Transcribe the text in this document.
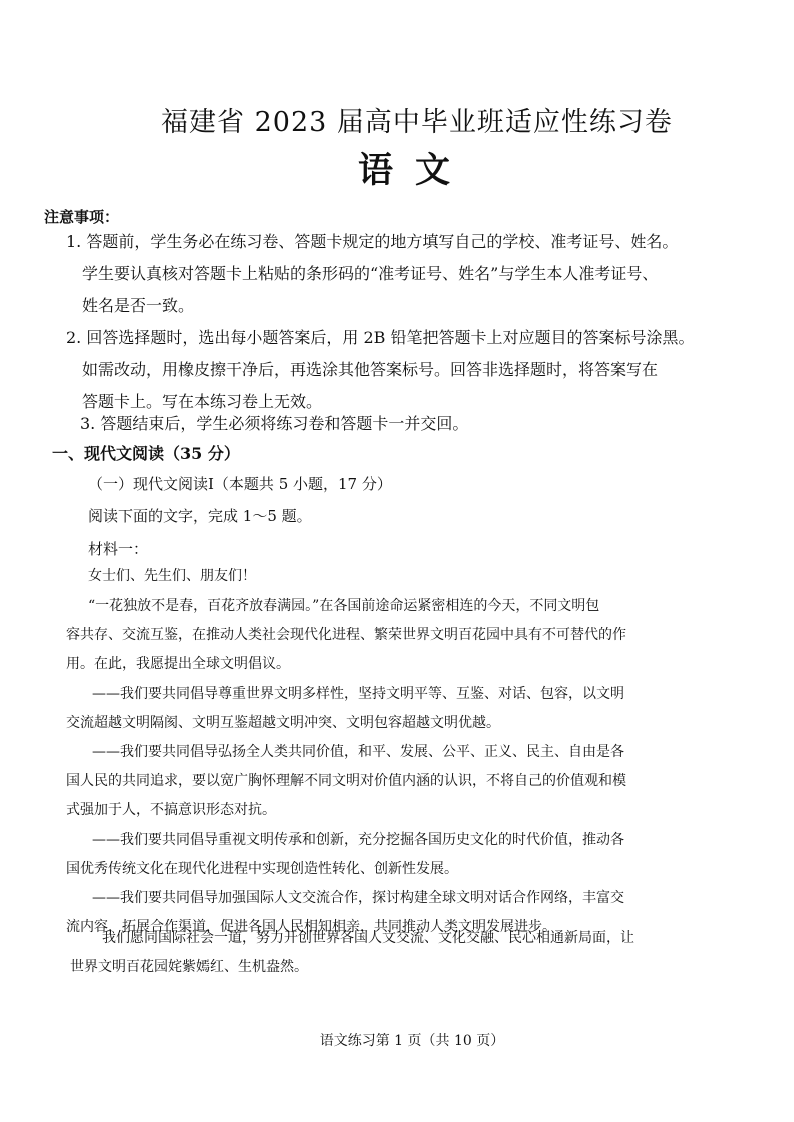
福建省 2023 届高中毕业班适应性练习卷
语文
注意事项：
1. 答题前，学生务必在练习卷、答题卡规定的地方填写自己的学校、准考证号、姓名。
学生要认真核对答题卡上粘贴的条形码的“准考证号、姓名”与学生本人准考证号、
姓名是否一致。
2. 回答选择题时，选出每小题答案后，用 2B 铅笔把答题卡上对应题目的答案标号涂黑。
如需改动，用橡皮擦干净后，再选涂其他答案标号。回答非选择题时，将答案写在
答题卡上。写在本练习卷上无效。
3. 答题结束后，学生必须将练习卷和答题卡一并交回。
一、现代文阅读（35 分）
（一）现代文阅读Ⅰ（本题共 5 小题，17 分）
阅读下面的文字，完成 1～5 题。
材料一：
女士们、先生们、朋友们！
“一花独放不是春，百花齐放春满园。”在各国前途命运紧密相连的今天，不同文明包
容共存、交流互鉴，在推动人类社会现代化进程、繁荣世界文明百花园中具有不可替代的作
用。在此，我愿提出全球文明倡议。
——我们要共同倡导尊重世界文明多样性，坚持文明平等、互鉴、对话、包容，以文明
交流超越文明隔阂、文明互鉴超越文明冲突、文明包容超越文明优越。
——我们要共同倡导弘扬全人类共同价值，和平、发展、公平、正义、民主、自由是各
国人民的共同追求，要以宽广胸怀理解不同文明对价值内涵的认识，不将自己的价值观和模
式强加于人，不搞意识形态对抗。
——我们要共同倡导重视文明传承和创新，充分挖掘各国历史文化的时代价值，推动各
国优秀传统文化在现代化进程中实现创造性转化、创新性发展。
——我们要共同倡导加强国际人文交流合作，探讨构建全球文明对话合作网络，丰富交
流内容，拓展合作渠道，促进各国人民相知相亲，共同推动人类文明发展进步。
我们愿同国际社会一道，努力开创世界各国人文交流、文化交融、民心相通新局面，让
世界文明百花园姹紫嫣红、生机盎然。
语文练习第 1 页（共 10 页）
